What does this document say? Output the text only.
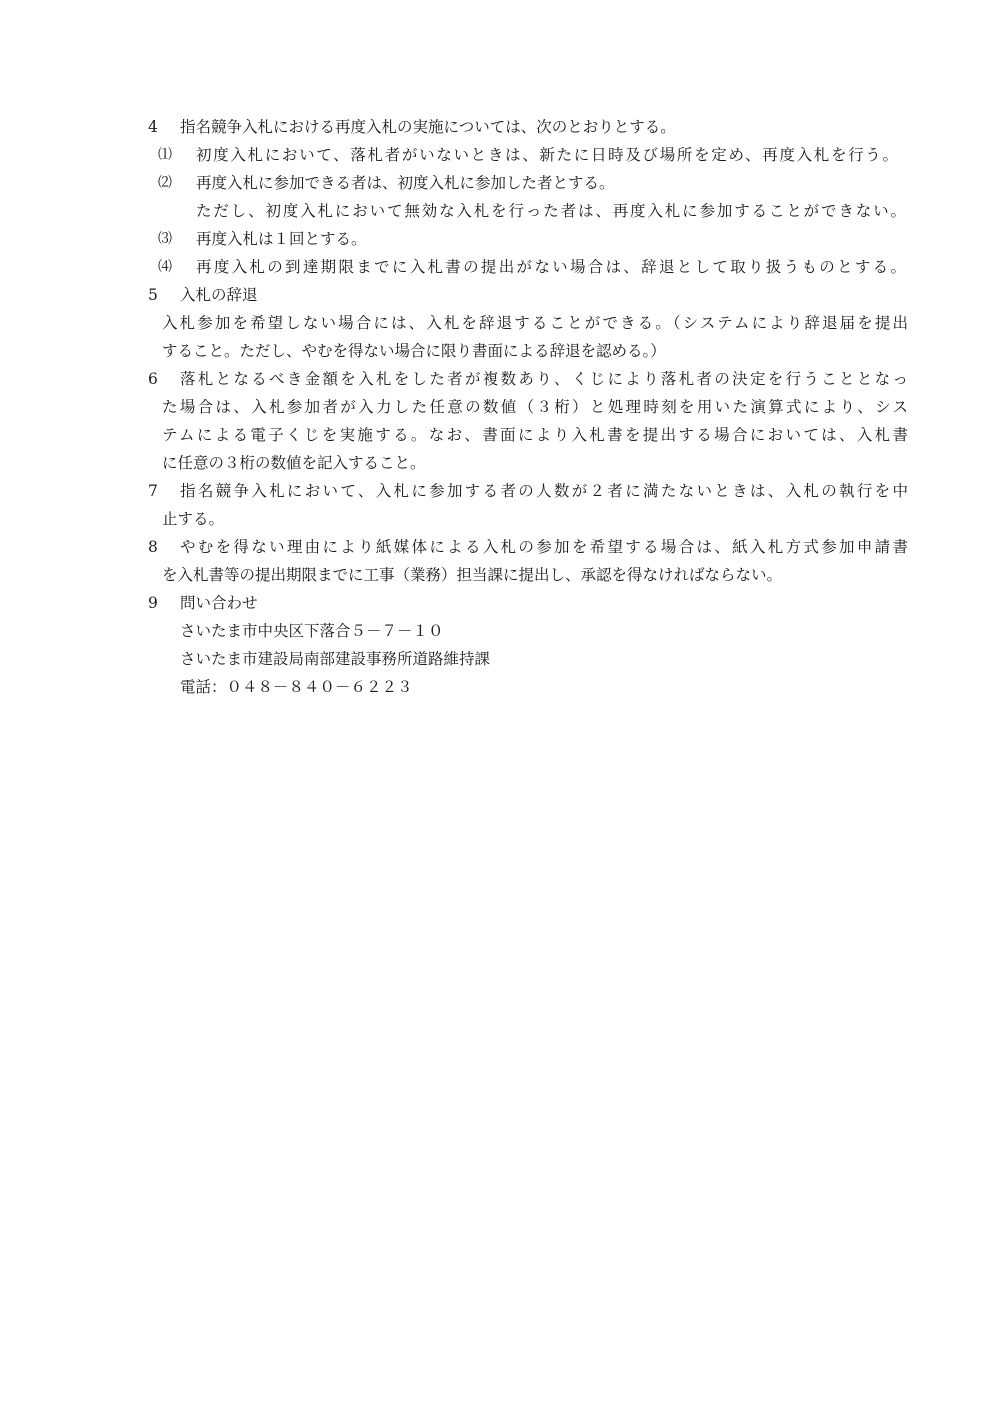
4 指名競争入札における再度入札の実施については、次のとおりとする。
⑴ 初度入札において、落札者がいないときは、新たに日時及び場所を定め、再度入札を行う。
⑵ 再度入札に参加できる者は、初度入札に参加した者とする。
ただし、初度入札において無効な入札を行った者は、再度入札に参加することができない。
⑶ 再度入札は１回とする。
⑷ 再度入札の到達期限までに入札書の提出がない場合は、辞退として取り扱うものとする。
5 入札の辞退
入札参加を希望しない場合には、入札を辞退することができる。（システムにより辞退届を提出
すること。ただし、やむを得ない場合に限り書面による辞退を認める。）
6 落札となるべき金額を入札をした者が複数あり、くじにより落札者の決定を行うこととなっ
た場合は、入札参加者が入力した任意の数値（３桁）と処理時刻を用いた演算式により、シス
テムによる電子くじを実施する。なお、書面により入札書を提出する場合においては、入札書
に任意の３桁の数値を記入すること。
7 指名競争入札において、入札に参加する者の人数が２者に満たないときは、入札の執行を中
止する。
8 やむを得ない理由により紙媒体による入札の参加を希望する場合は、紙入札方式参加申請書
を入札書等の提出期限までに工事（業務）担当課に提出し、承認を得なければならない。
9 問い合わせ
さいたま市中央区下落合５－７－１０
さいたま市建設局南部建設事務所道路維持課
電話：０４８－８４０－６２２３
